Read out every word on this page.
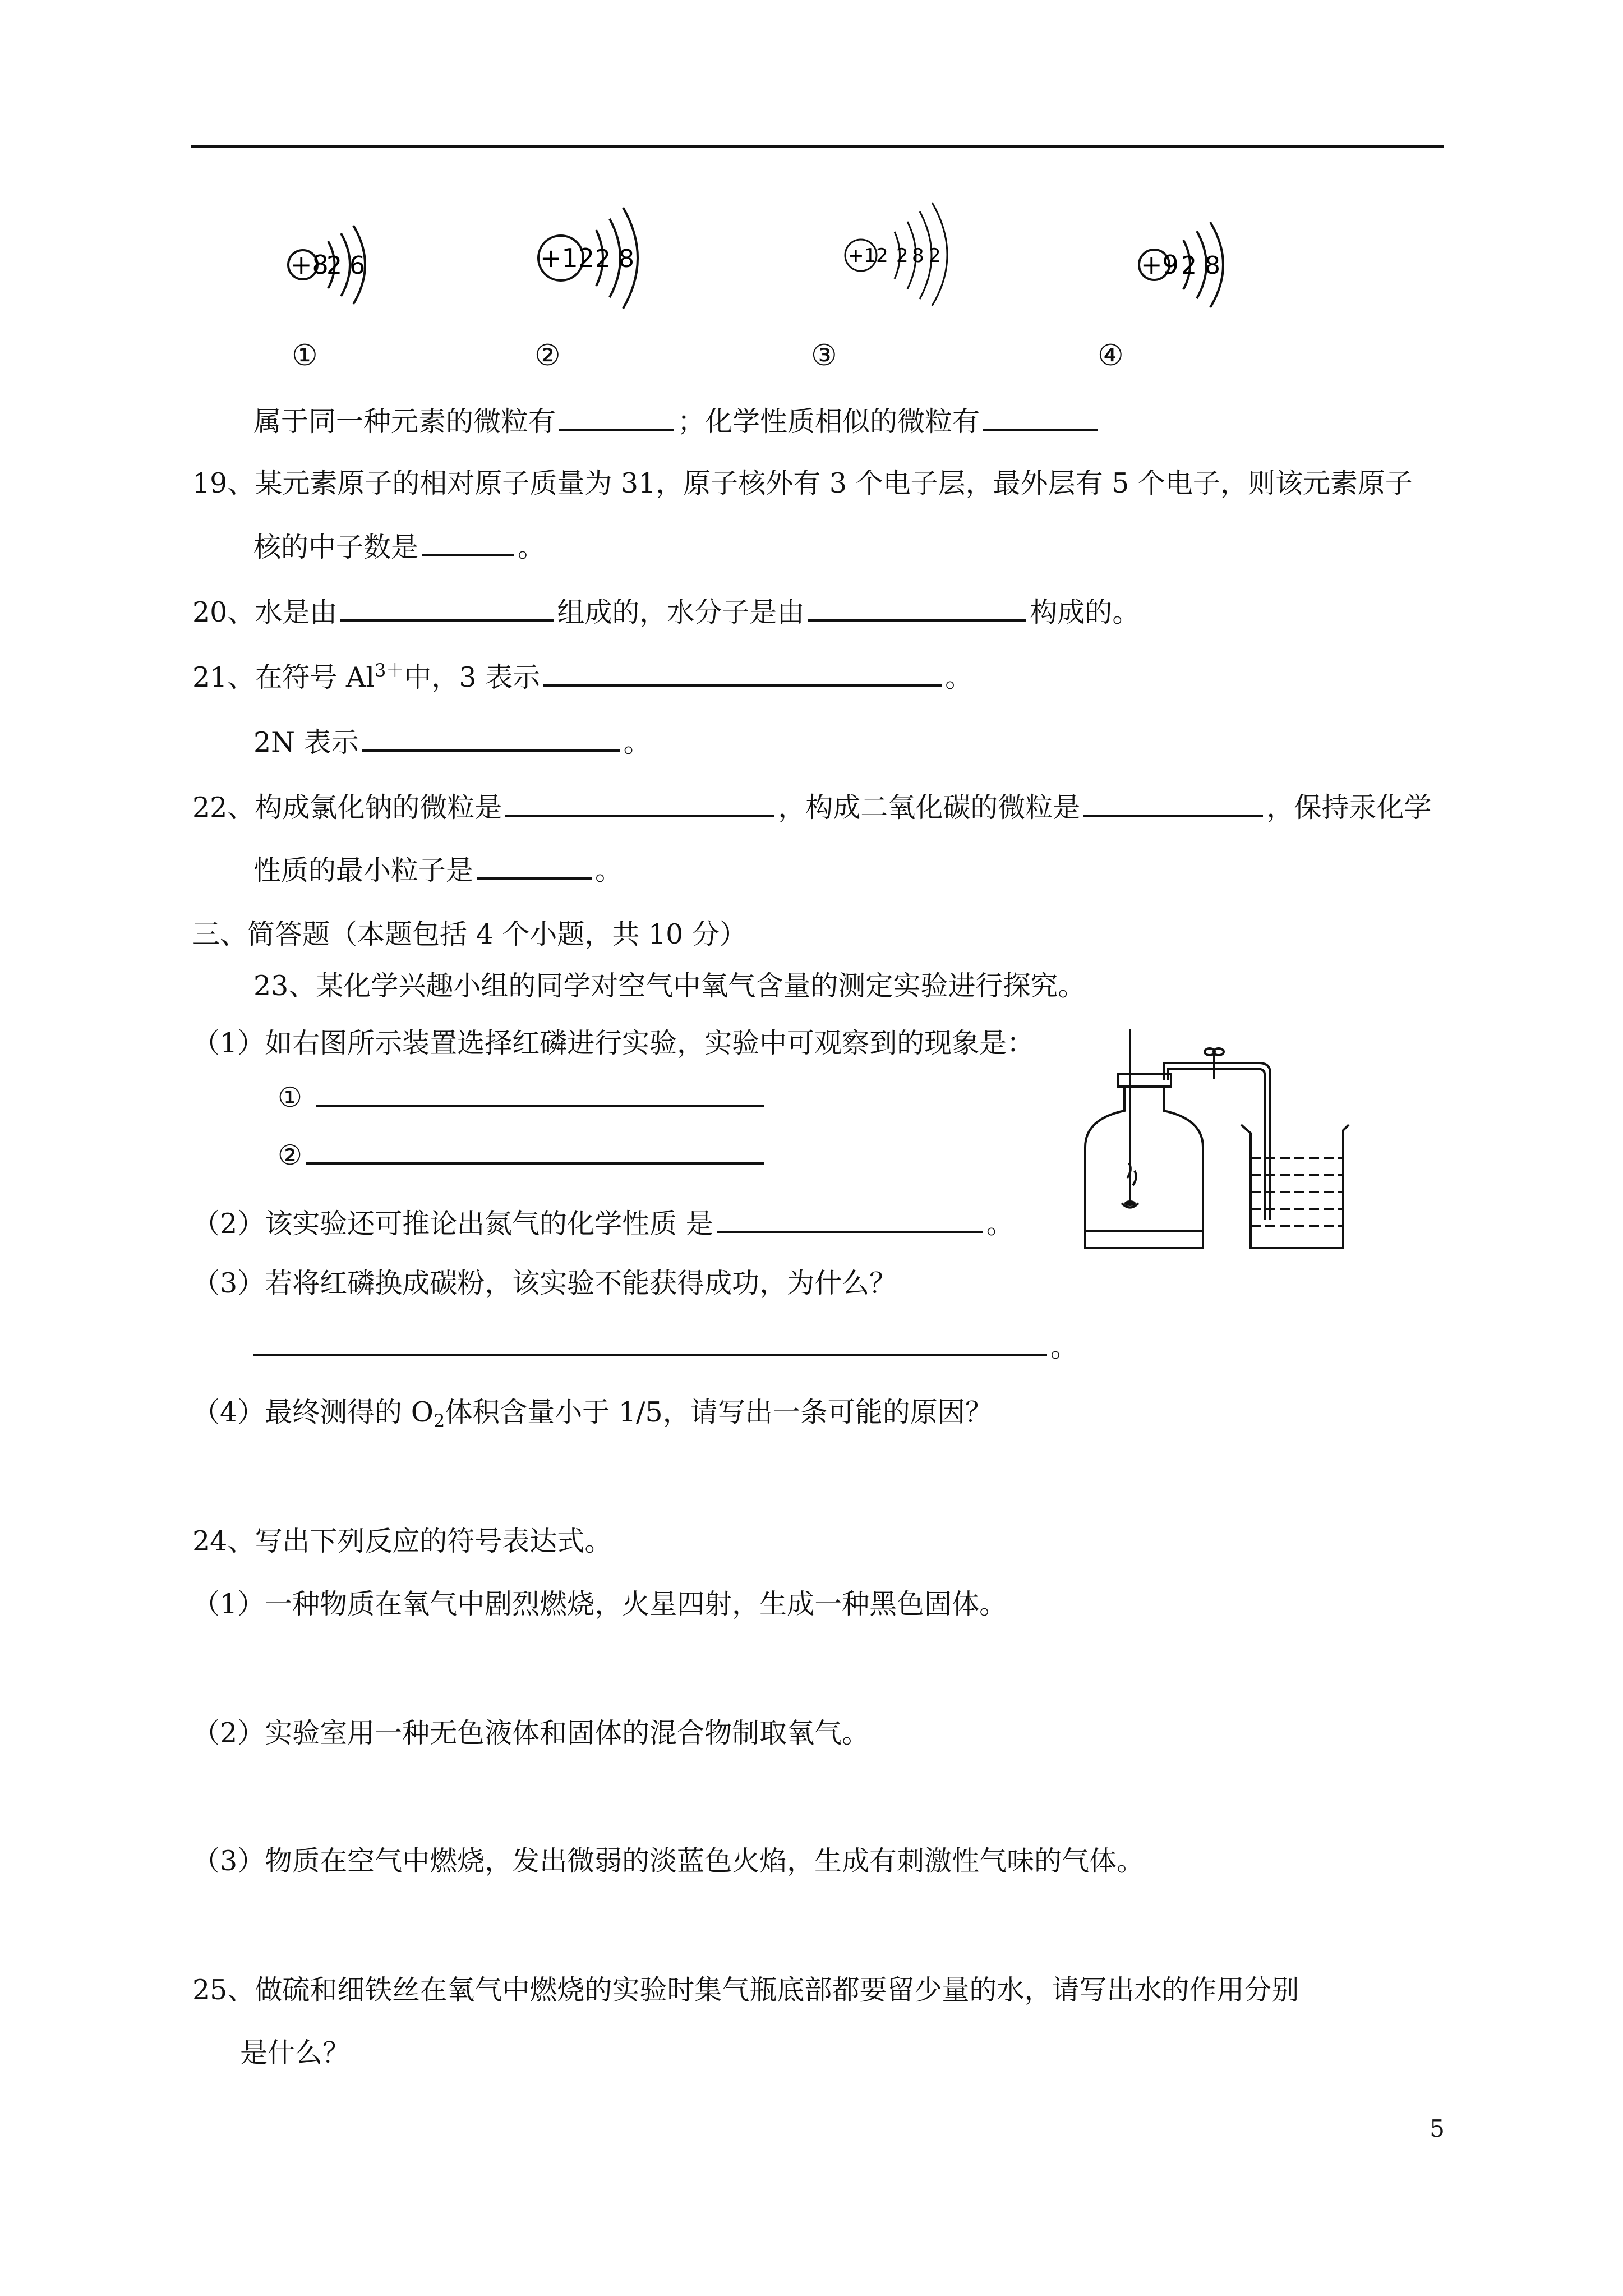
+8
2 6	+12 2 8	+12 2 8 2	+9 2 8
①	②	③	④
属于同一种元素的微粒有	；化学性质相似的微粒有
19、某元素原子的相对原子质量为 31，原子核外有 3 个电子层，最外层有 5 个电子，则该元素原子
核的中子数是	。
20、水是由	组成的，水分子是由	构成的。
21、在符号 $Al^{3+}$中，3 表示	。
2N 表示	。
22、构成氯化钠的微粒是	，构成二氧化碳的微粒是	，保持汞化学
性质的最小粒子是	。
三、简答题（本题包括 4 个小题，共 10 分）
23、某化学兴趣小组的同学对空气中氧气含量的测定实验进行探究。
（1）如右图所示装置选择红磷进行实验，实验中可观察到的现象是：
①
②
（2）该实验还可推论出氮气的化学性质 是	。
（3）若将红磷换成碳粉，该实验不能获得成功，为什么？
。
（4）最终测得的 $O_2$体积含量小于 1/5，请写出一条可能的原因？
24、写出下列反应的符号表达式。
（1）一种物质在氧气中剧烈燃烧，火星四射，生成一种黑色固体。
（2）实验室用一种无色液体和固体的混合物制取氧气。
（3）物质在空气中燃烧，发出微弱的淡蓝色火焰，生成有刺激性气味的气体。
25、做硫和细铁丝在氧气中燃烧的实验时集气瓶底部都要留少量的水，请写出水的作用分别
是什么？
5
